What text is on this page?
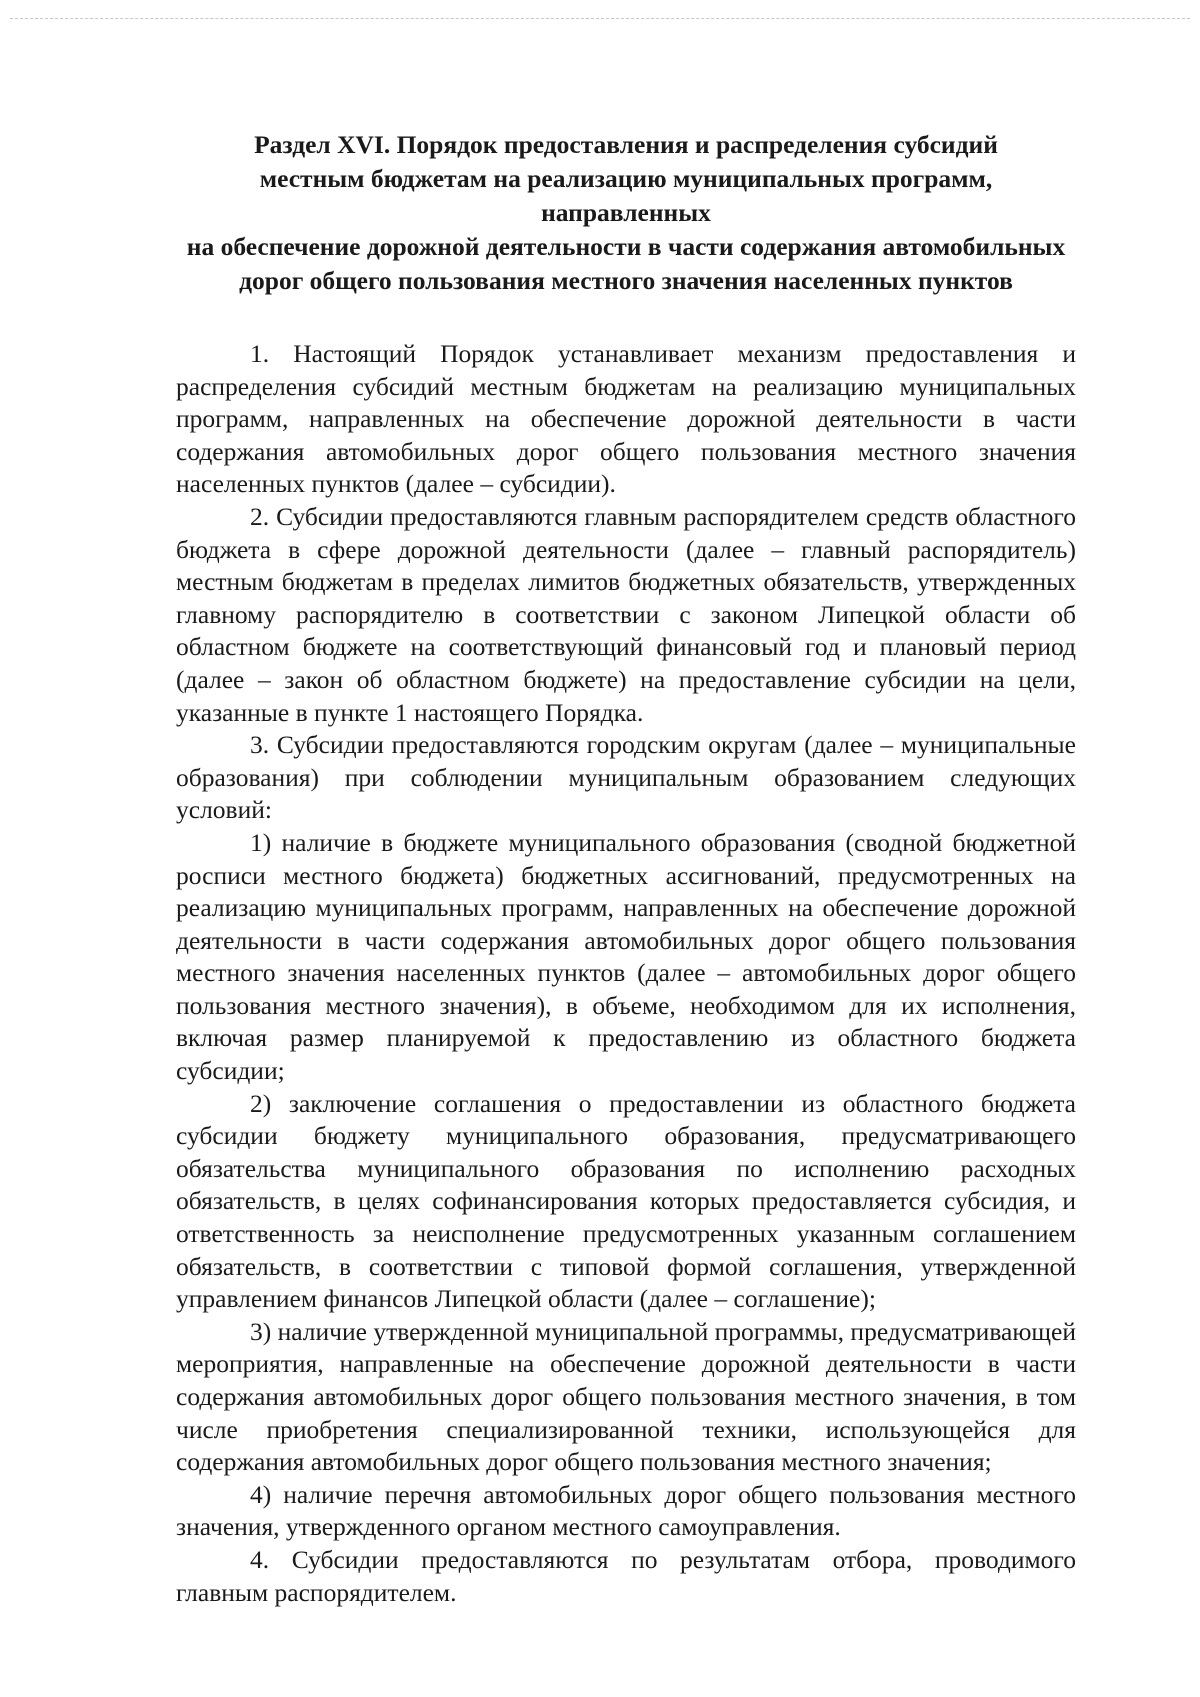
Раздел XVI. Порядок предоставления и распределения субсидий
местным бюджетам на реализацию муниципальных программ, направленных
на обеспечение дорожной деятельности в части содержания автомобильных
дорог общего пользования местного значения населенных пунктов

1. Настоящий Порядок устанавливает механизм предоставления и распределения субсидий местным бюджетам на реализацию муниципальных программ, направленных на обеспечение дорожной деятельности в части содержания автомобильных дорог общего пользования местного значения населенных пунктов (далее – субсидии).

2. Субсидии предоставляются главным распорядителем средств областного бюджета в сфере дорожной деятельности (далее – главный распорядитель) местным бюджетам в пределах лимитов бюджетных обязательств, утвержденных главному распорядителю в соответствии с законом Липецкой области об областном бюджете на соответствующий финансовый год и плановый период (далее – закон об областном бюджете) на предоставление субсидии на цели, указанные в пункте 1 настоящего Порядка.

3. Субсидии предоставляются городским округам (далее – муниципальные образования) при соблюдении муниципальным образованием следующих условий:

1) наличие в бюджете муниципального образования (сводной бюджетной росписи местного бюджета) бюджетных ассигнований, предусмотренных на реализацию муниципальных программ, направленных на обеспечение дорожной деятельности в части содержания автомобильных дорог общего пользования местного значения населенных пунктов (далее – автомобильных дорог общего пользования местного значения), в объеме, необходимом для их исполнения, включая размер планируемой к предоставлению из областного бюджета субсидии;

2) заключение соглашения о предоставлении из областного бюджета субсидии бюджету муниципального образования, предусматривающего обязательства муниципального образования по исполнению расходных обязательств, в целях софинансирования которых предоставляется субсидия, и ответственность за неисполнение предусмотренных указанным соглашением обязательств, в соответствии с типовой формой соглашения, утвержденной управлением финансов Липецкой области (далее – соглашение);

3) наличие утвержденной муниципальной программы, предусматривающей мероприятия, направленные на обеспечение дорожной деятельности в части содержания автомобильных дорог общего пользования местного значения, в том числе приобретения специализированной техники, использующейся для содержания автомобильных дорог общего пользования местного значения;

4) наличие перечня автомобильных дорог общего пользования местного значения, утвержденного органом местного самоуправления.

4. Субсидии предоставляются по результатам отбора, проводимого главным распорядителем.
